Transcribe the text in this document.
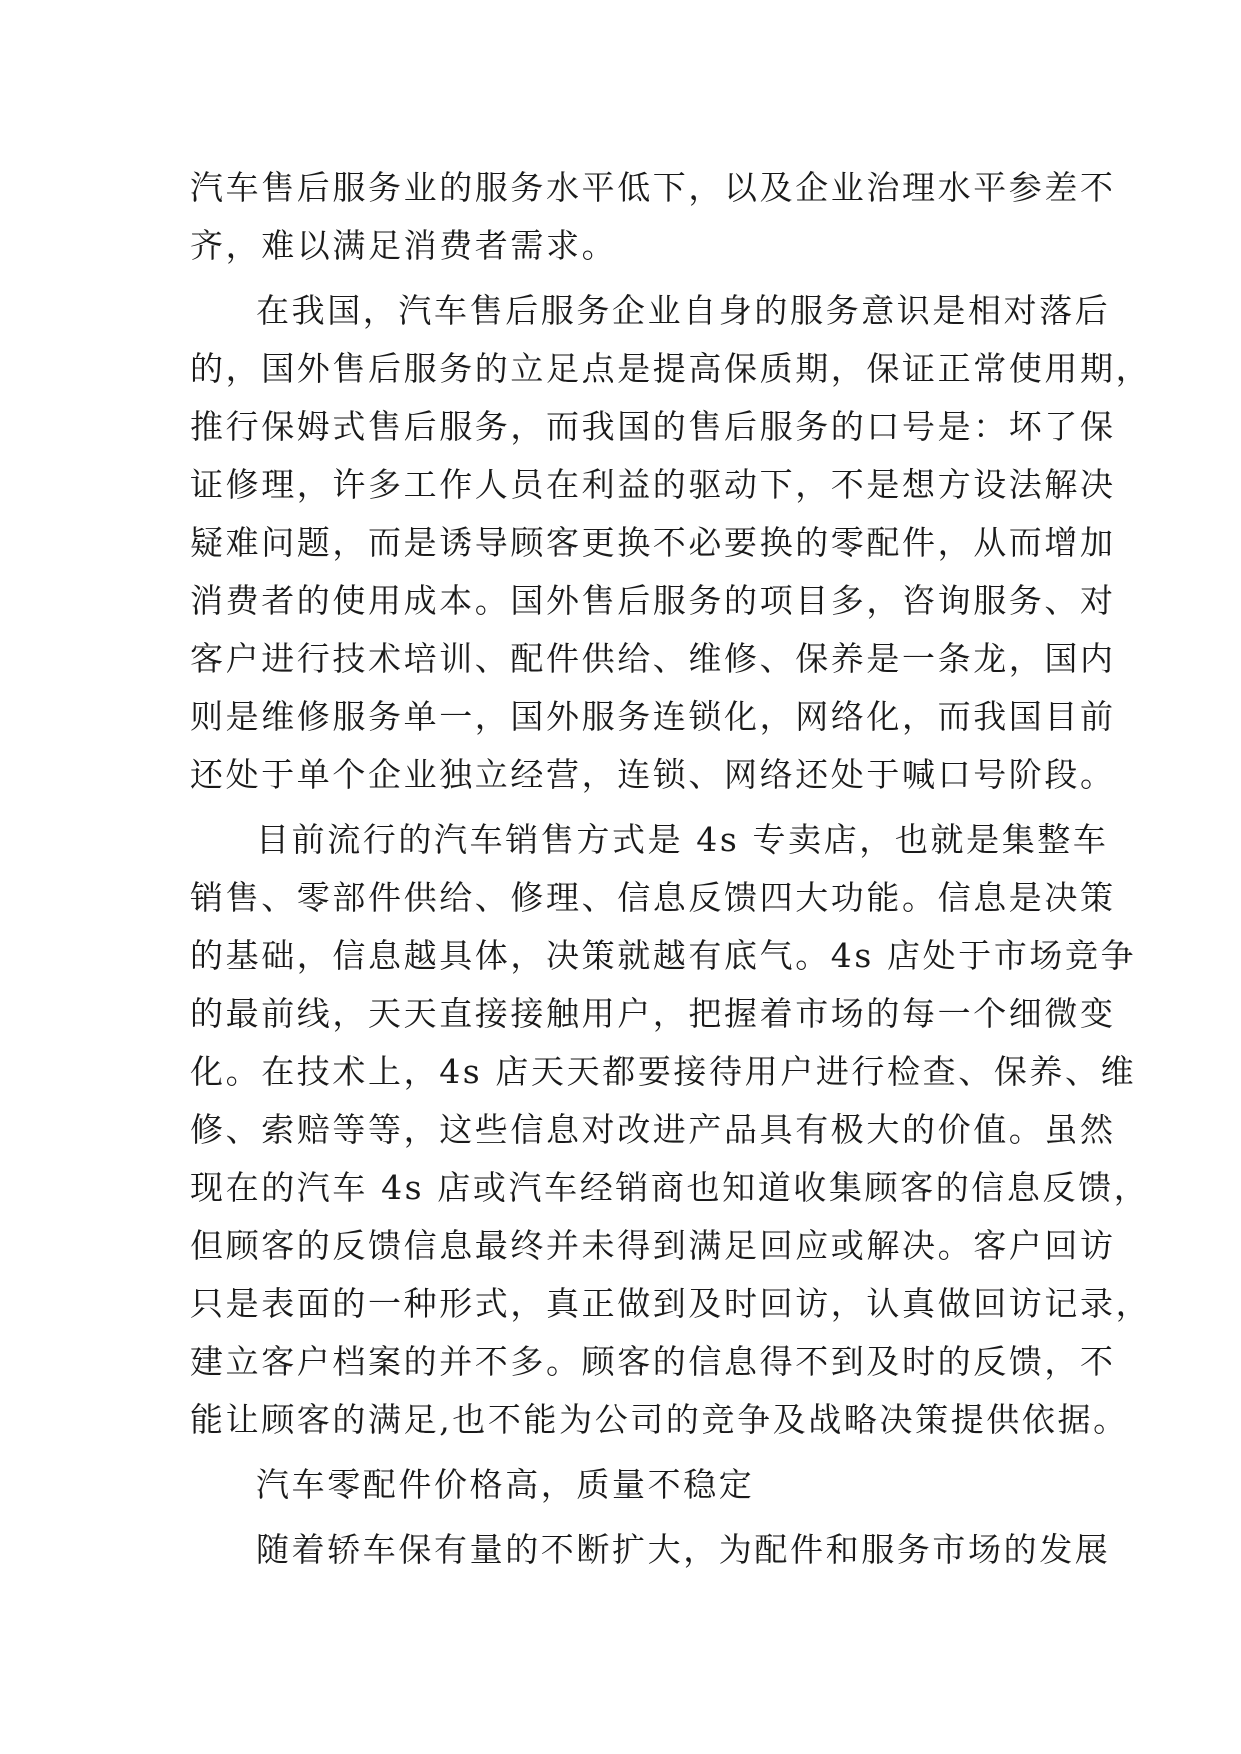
汽车售后服务业的服务水平低下，以及企业治理水平参差不
齐，难以满足消费者需求。
在我国，汽车售后服务企业自身的服务意识是相对落后
的，国外售后服务的立足点是提高保质期，保证正常使用期，
推行保姆式售后服务，而我国的售后服务的口号是：坏了保
证修理，许多工作人员在利益的驱动下，不是想方设法解决
疑难问题，而是诱导顾客更换不必要换的零配件，从而增加
消费者的使用成本。国外售后服务的项目多，咨询服务、对
客户进行技术培训、配件供给、维修、保养是一条龙，国内
则是维修服务单一，国外服务连锁化，网络化，而我国目前
还处于单个企业独立经营，连锁、网络还处于喊口号阶段。
目前流行的汽车销售方式是 4s 专卖店，也就是集整车
销售、零部件供给、修理、信息反馈四大功能。信息是决策
的基础，信息越具体，决策就越有底气。4s 店处于市场竞争
的最前线，天天直接接触用户，把握着市场的每一个细微变
化。在技术上，4s 店天天都要接待用户进行检查、保养、维
修、索赔等等，这些信息对改进产品具有极大的价值。虽然
现在的汽车 4s 店或汽车经销商也知道收集顾客的信息反馈，
但顾客的反馈信息最终并未得到满足回应或解决。客户回访
只是表面的一种形式，真正做到及时回访，认真做回访记录，
建立客户档案的并不多。顾客的信息得不到及时的反馈，不
能让顾客的满足,也不能为公司的竞争及战略决策提供依据。
汽车零配件价格高，质量不稳定
随着轿车保有量的不断扩大，为配件和服务市场的发展
